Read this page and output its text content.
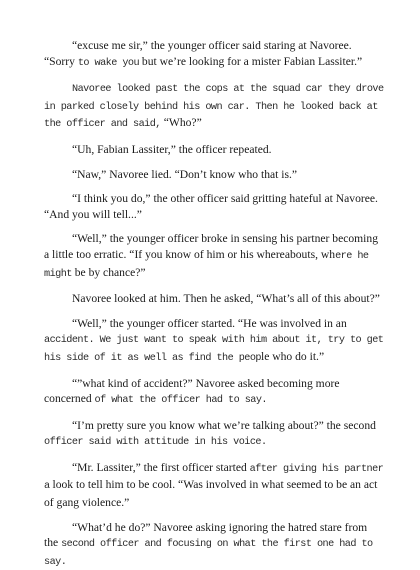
“excuse me sir,” the younger officer said staring at Navoree. “Sorry to wake you but we’re looking for a mister Fabian Lassiter.”

Navoree looked past the cops at the squad car they drove in parked closely behind his own car. Then he looked back at the officer and said, “Who?”

“Uh, Fabian Lassiter,” the officer repeated.

“Naw,” Navoree lied. “Don’t know who that is.”

“I think you do,” the other officer said gritting hateful at Navoree. “And you will tell...”

“Well,” the younger officer broke in sensing his partner becoming a little too erratic. “If you know of him or his whereabouts, where he might be by chance?”

Navoree looked at him. Then he asked, “What’s all of this about?”

“Well,” the younger officer started. “He was involved in an accident. We just want to speak with him about it, try to get his side of it as well as find the people who do it.”

“”what kind of accident?” Navoree asked becoming more concerned of what the officer had to say.

“I’m pretty sure you know what we’re talking about?” the second officer said with attitude in his voice.

“Mr. Lassiter,” the first officer started after giving his partner a look to tell him to be cool. “Was involved in what seemed to be an act of gang violence.”

“What’d he do?” Navoree asking ignoring the hatred stare from the second officer and focusing on what the first one had to say.
